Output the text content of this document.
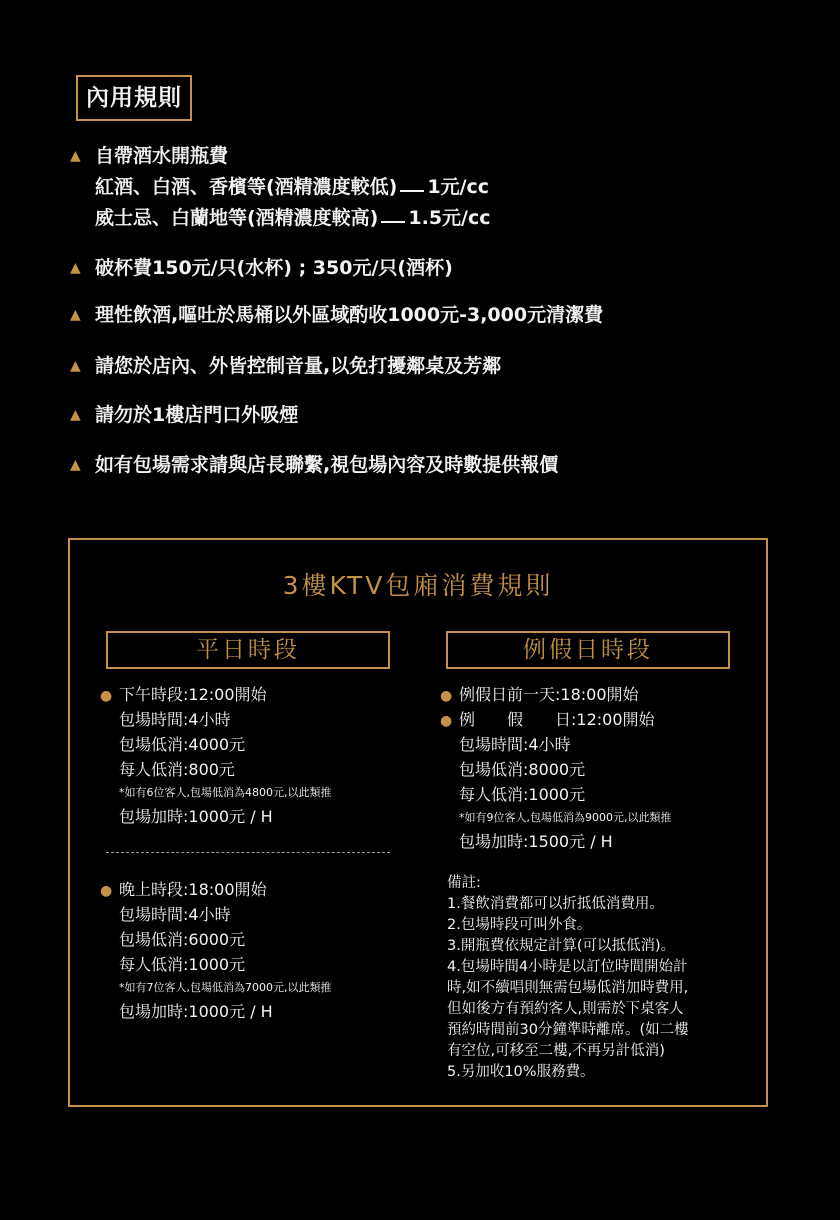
內用規則
▲ 自帶酒水開瓶費
紅酒、白酒、香檳等(酒精濃度較低) 1元/cc
威士忌、白蘭地等(酒精濃度較高) 1.5元/cc
▲ 破杯費150元/只(水杯) ; 350元/只(酒杯)
▲ 理性飲酒,嘔吐於馬桶以外區域酌收1000元-3,000元清潔費
▲ 請您於店內、外皆控制音量,以免打擾鄰桌及芳鄰
▲ 請勿於1樓店門口外吸煙
▲ 如有包場需求請與店長聯繫,視包場內容及時數提供報價
3樓KTV包廂消費規則
平日時段	例假日時段
● 下午時段:12:00開始
包場時間:4小時
包場低消:4000元
每人低消:800元
*如有6位客人,包場低消為4800元,以此類推
包場加時:1000元 / H
● 晚上時段:18:00開始
包場時間:4小時
包場低消:6000元
每人低消:1000元
*如有7位客人,包場低消為7000元,以此類推
包場加時:1000元 / H
● 例假日前一天:18:00開始
● 例　　假　　日:12:00開始
包場時間:4小時
包場低消:8000元
每人低消:1000元
*如有9位客人,包場低消為9000元,以此類推
包場加時:1500元 / H
備註:
1.餐飲消費都可以折抵低消費用。
2.包場時段可叫外食。
3.開瓶費依規定計算(可以抵低消)。
4.包場時間4小時是以訂位時間開始計
時,如不續唱則無需包場低消加時費用,
但如後方有預約客人,則需於下桌客人
預約時間前30分鐘準時離席。(如二樓
有空位,可移至二樓,不再另計低消)
5.另加收10%服務費。
